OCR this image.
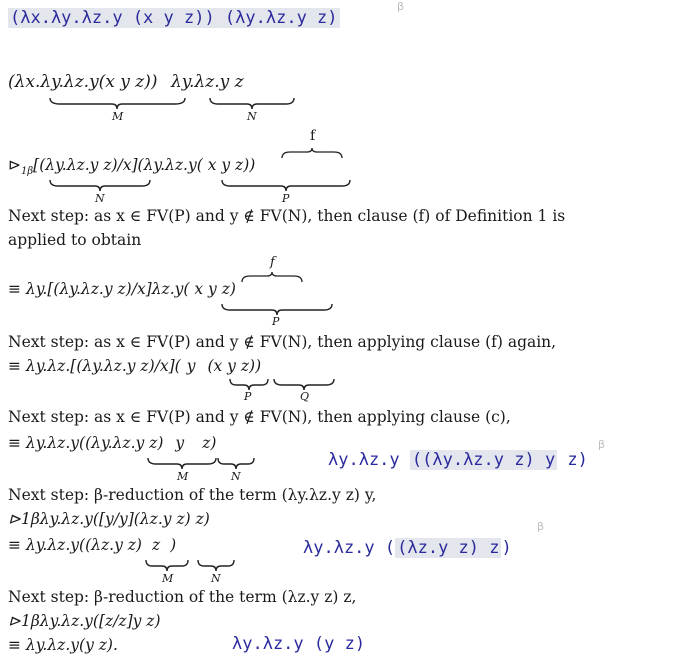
(λx.λy.λz.y (x y z)) (λy.λz.y z)
β
(λx.λy.λz.y(x y z)) λy.λz.y z
M	N
f
$⊳_{1\beta}[(\lambda y.\lambda z.y$ z)/x](λy.λz.y( x y z))
N	P
Next step: as x ∈ FV(P) and y ∉ FV(N), then clause (f) of Definition 1 is
applied to obtain
f
≡ λy.[(λy.λz.y z)/x]λz.y( x y z)
P
Next step: as x ∈ FV(P) and y ∉ FV(N), then applying clause (f) again,
≡ λy.λz.[(λy.λz.y z)/x]( y (x y z))
P	Q
Next step: as x ∈ FV(P) and y ∉ FV(N), then applying clause (c),
≡ λy.λz.y((λy.λz.y z) y z)
M	N
λy.λz.y ((λy.λz.y z) y z)
β
Next step: β-reduction of the term (λy.λz.y z) y,
⊳1βλy.λz.y([y/y](λz.y z) z)
≡ λy.λz.y((λz.y z) z )
M	N
λy.λz.y ( (λz.y z) z )
β
Next step: β-reduction of the term (λz.y z) z,
⊳1βλy.λz.y([z/z]y z)
≡ λy.λz.y(y z).	λy.λz.y (y z)
